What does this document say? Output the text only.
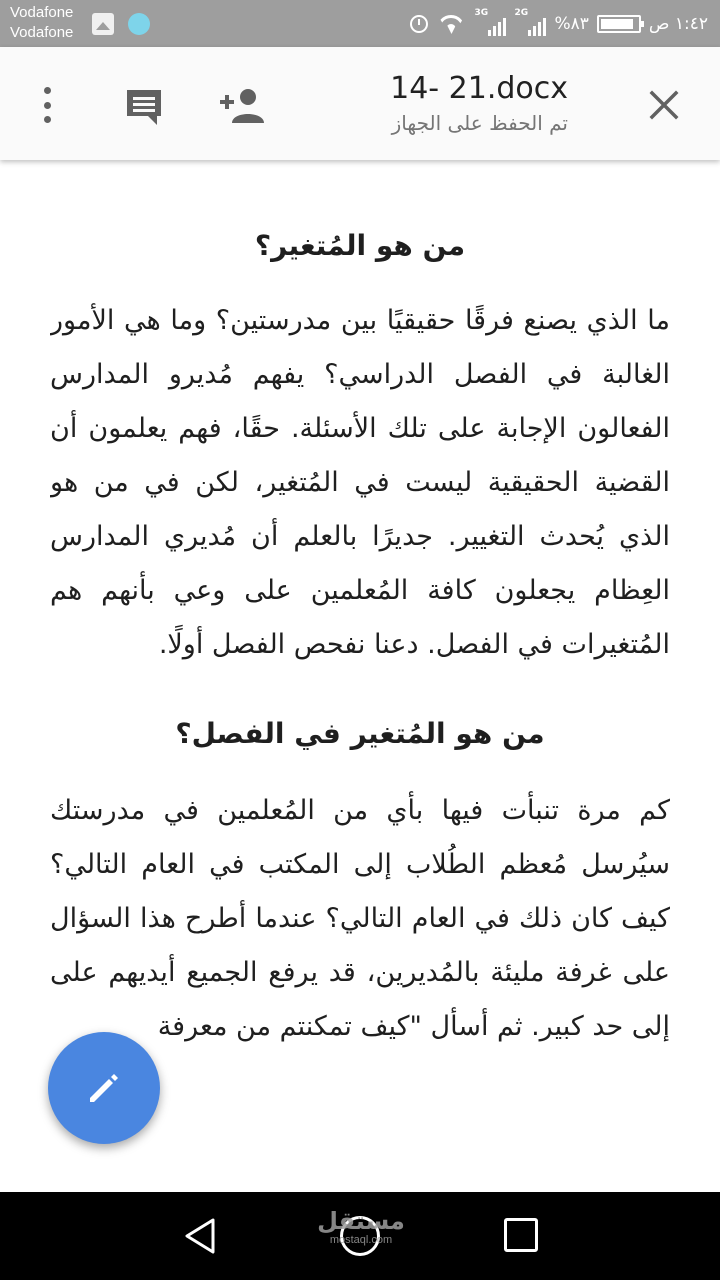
Vodafone
Vodafone
3G	2G
%٨٣	١:٤٢ ص
14- 21.docx
تم الحفظ على الجهاز
من هو المُتغير؟

ما الذي يصنع فرقًا حقيقيًا بين مدرستين؟ وما هي الأمور الغالبة في الفصل الدراسي؟ يفهم مُديرو المدارس الفعالون الإجابة على تلك الأسئلة. حقًا، فهم يعلمون أن القضية الحقيقية ليست في المُتغير، لكن في من هو الذي يُحدث التغيير. جديرًا بالعلم أن مُديري المدارس العِظام يجعلون كافة المُعلمين على وعي بأنهم هم المُتغيرات في الفصل. دعنا نفحص الفصل أولًا.

من هو المُتغير في الفصل؟

كم مرة تنبأت فيها بأي من المُعلمين في مدرستك سيُرسل مُعظم الطُلاب إلى المكتب في العام التالي؟ كيف كان ذلك في العام التالي؟ عندما أطرح هذا السؤال على غرفة مليئة بالمُديرين، قد يرفع الجميع أيديهم على إلى حد كبير. ثم أسأل "كيف تمكنتم من معرفة

مستقل
mostaql.com
